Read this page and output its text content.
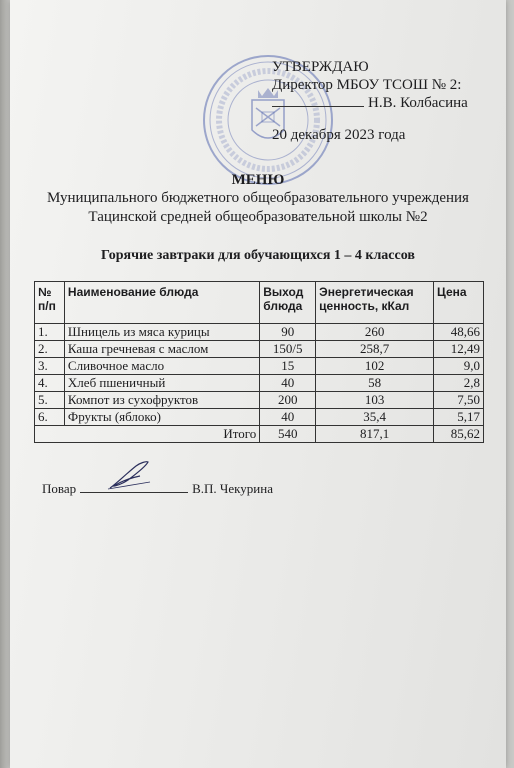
УТВЕРЖДАЮ
Директор МБОУ ТСОШ № 2:
Н.В. Колбасина
20 декабря 2023 года
МЕНЮ
Муниципального бюджетного общеобразовательного учреждения
Тацинской средней общеобразовательной школы №2
Горячие завтраки для обучающихся 1 – 4 классов
№ п/п	Наименование блюда	Выход блюда	Энергетическая ценность, кКал	Цена
1.	Шницель из мяса курицы	90	260	48,66
2.	Каша гречневая с маслом	150/5	258,7	12,49
3.	Сливочное масло	15	102	9,0
4.	Хлеб пшеничный	40	58	2,8
5.	Компот из сухофруктов	200	103	7,50
6.	Фрукты (яблоко)	40	35,4	5,17
Итого		540	817,1	85,62
Повар	В.П. Чекурина
